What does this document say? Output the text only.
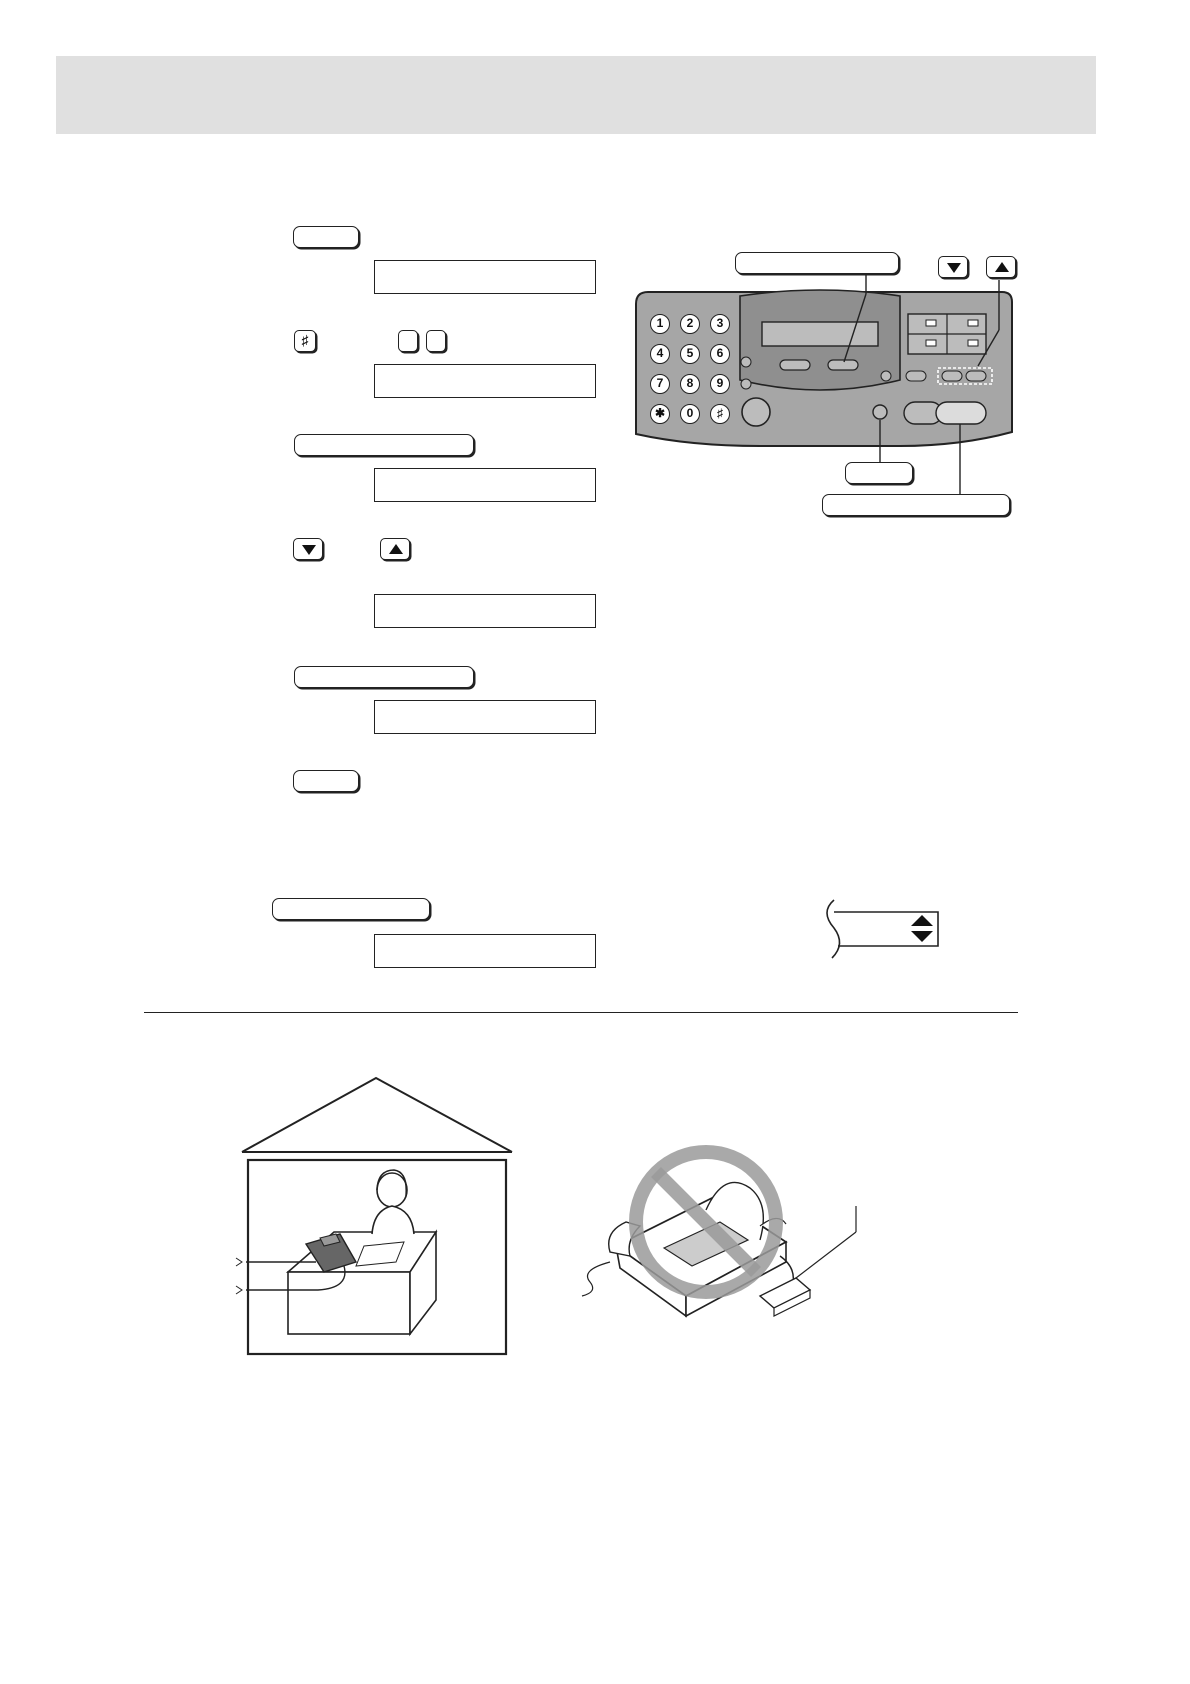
♯
1	2	3
4	5	6
7	8	9
✱	0	♯
